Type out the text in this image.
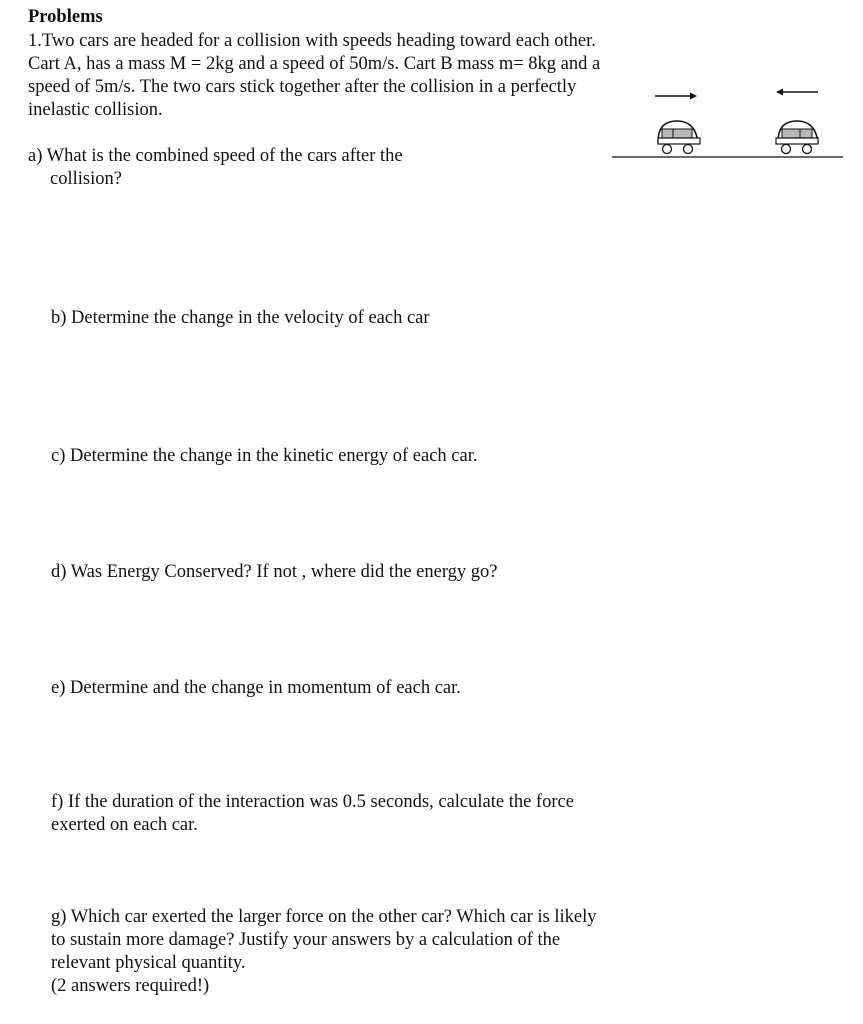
Problems
1.Two cars are headed for a collision with speeds heading toward each other.
Cart A, has a mass M = 2kg and a speed of 50m/s. Cart B mass m= 8kg and a
speed of 5m/s. The two cars stick together after the collision in a perfectly
inelastic collision.
a) What is the combined speed of the cars after the
collision?
b) Determine the change in the velocity of each car
c) Determine the change in the kinetic energy of each car.
d) Was Energy Conserved? If not , where did the energy go?
e) Determine and the change in momentum of each car.
f) If the duration of the interaction was 0.5 seconds, calculate the force
exerted on each car.
g) Which car exerted the larger force on the other car? Which car is likely
to sustain more damage? Justify your answers by a calculation of the
relevant physical quantity.
(2 answers required!)
